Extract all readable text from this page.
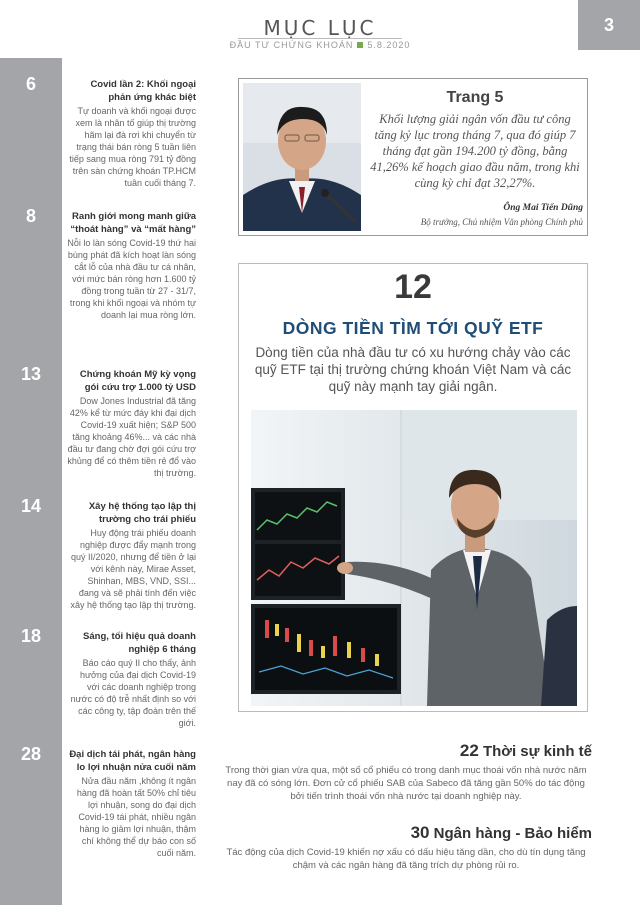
MỤC LỤC
ĐẦU TƯ CHỨNG KHOÁN 5.8.2020
3
6	Covid lần 2: Khối ngoại phản ứng khác biệt
Tự doanh và khối ngoại được xem là nhân tố giúp thị trường hãm lại đà rơi khi chuyển từ trạng thái bán ròng 5 tuần liên tiếp sang mua ròng 791 tỷ đồng trên sàn chứng khoán TP.HCM tuần cuối tháng 7.
8	Ranh giới mong manh giữa “thoát hàng” và “mất hàng”
Nỗi lo làn sóng Covid-19 thứ hai bùng phát đã kích hoạt làn sóng cắt lỗ của nhà đầu tư cá nhân, với mức bán ròng hơn 1.600 tỷ đồng trong tuần từ 27 - 31/7, trong khi khối ngoại và nhóm tự doanh lại mua ròng lớn.
13	Chứng khoán Mỹ kỳ vọng gói cứu trợ 1.000 tỷ USD
Dow Jones Industrial đã tăng 42% kể từ mức đáy khi đại dịch Covid-19 xuất hiện; S&P 500 tăng khoảng 46%... và các nhà đầu tư đang chờ đợi gói cứu trợ khủng để có thêm tiền rẻ đổ vào thị trường.
14	Xây hệ thống tạo lập thị trường cho trái phiếu
Huy động trái phiếu doanh nghiệp được đẩy mạnh trong quý II/2020, nhưng để tiền ở lại với kênh này, Mirae Asset, Shinhan, MBS, VND, SSI... đang và sẽ phải tính đến việc xây hệ thống tạo lập thị trường.
18	Sáng, tối hiệu quả doanh nghiệp 6 tháng
Báo cáo quý II cho thấy, ảnh hưởng của đại dịch Covid-19 với các doanh nghiệp trong nước có độ trễ nhất định so với các công ty, tập đoàn trên thế giới.
28	Đại dịch tái phát, ngân hàng lo lợi nhuận nửa cuối năm
Nửa đầu năm ,không ít ngân hàng đã hoàn tất 50% chỉ tiêu lợi nhuận, song do đại dịch Covid-19 tái phát, nhiều ngân hàng lo giảm lợi nhuận, thậm chí không thể dự báo con số cuối năm.
Trang 5
Khối lượng giải ngân vốn đầu tư công tăng kỷ lục trong tháng 7, qua đó giúp 7 tháng đạt gần 194.200 tỷ đồng, bằng 41,26% kế hoạch giao đầu năm, trong khi cùng kỳ chỉ đạt 32,27%.
Ông Mai Tiến Dũng
Bộ trưởng, Chủ nhiệm Văn phòng Chính phủ
12
DÒNG TIỀN TÌM TỚI QUỸ ETF
Dòng tiền của nhà đầu tư có xu hướng chảy vào các quỹ ETF tại thị trường chứng khoán Việt Nam và các quỹ này mạnh tay giải ngân.
22 Thời sự kinh tế
Trong thời gian vừa qua, một số cổ phiếu có trong danh mục thoái vốn nhà nước năm nay đã có sóng lớn. Đơn cử cổ phiếu SAB của Sabeco đã tăng gần 50% do tác động bởi tiến trình thoái vốn nhà nước tại doanh nghiệp này.
30 Ngân hàng - Bảo hiểm
Tác động của dịch Covid-19 khiến nợ xấu có dấu hiệu tăng dần, cho dù tín dụng tăng chậm và các ngân hàng đã tăng trích dự phòng rủi ro.
